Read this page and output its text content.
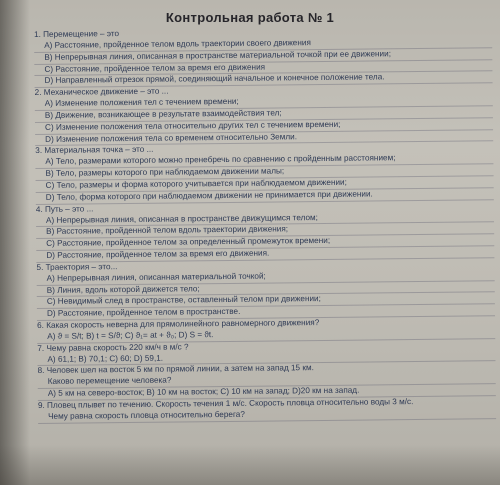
Контрольная работа № 1
1. Перемещение – это
А) Расстояние, пройденное телом вдоль траектории своего движения
В) Непрерывная линия, описанная в пространстве материальной точкой при ее движении;
С) Расстояние, пройденное телом за время его движения
D) Направленный отрезок прямой, соединяющий начальное и конечное положение тела.
2. Механическое движение – это ...
А) Изменение положения тел с течением времени;
В) Движение, возникающее в результате взаимодействия тел;
С) Изменение положения тела относительно других тел с течением времени;
D) Изменение положения тела со временем относительно Земли.
3. Материальная точка – это ...
А) Тело, размерами которого можно пренебречь по сравнению с пройденным расстоянием;
В) Тело, размеры которого при наблюдаемом движении малы;
С) Тело, размеры и форма которого учитывается при наблюдаемом движении;
D) Тело, форма которого при наблюдаемом движении не принимается при движении.
4. Путь – это ...
А) Непрерывная линия, описанная в пространстве движущимся телом;
В) Расстояние, пройденной телом вдоль траектории движения;
С) Расстояние, пройденное телом за определенный промежуток времени;
D) Расстояние, пройденное телом за время его движения.
5. Траектория – это...
А) Непрерывная линия, описанная материальной точкой;
В) Линия, вдоль которой движется тело;
С) Невидимый след в пространстве, оставленный телом при движении;
D) Расстояние, пройденное телом в пространстве.
6. Какая скорость неверна для прямолинейного равномерного движения?
А) ϑ = S/t; В) t = S/ϑ; С) ϑ₁= at + ϑ₀; D) S = ϑt.
7. Чему равна скорость 220 км/ч в м/с ?
А) 61,1; В) 70,1; С) 60; D) 59,1.
8. Человек шел на восток 5 км по прямой линии, а затем на запад 15 км.
Каково перемещение человека?
А) 5 км на северо-восток; В) 10 км на восток; С) 10 км на запад; D)20 км на запад.
9. Пловец плывет по течению. Скорость течения 1 м/с. Скорость пловца относительно воды 3 м/с.
Чему равна скорость пловца относительно берега?
